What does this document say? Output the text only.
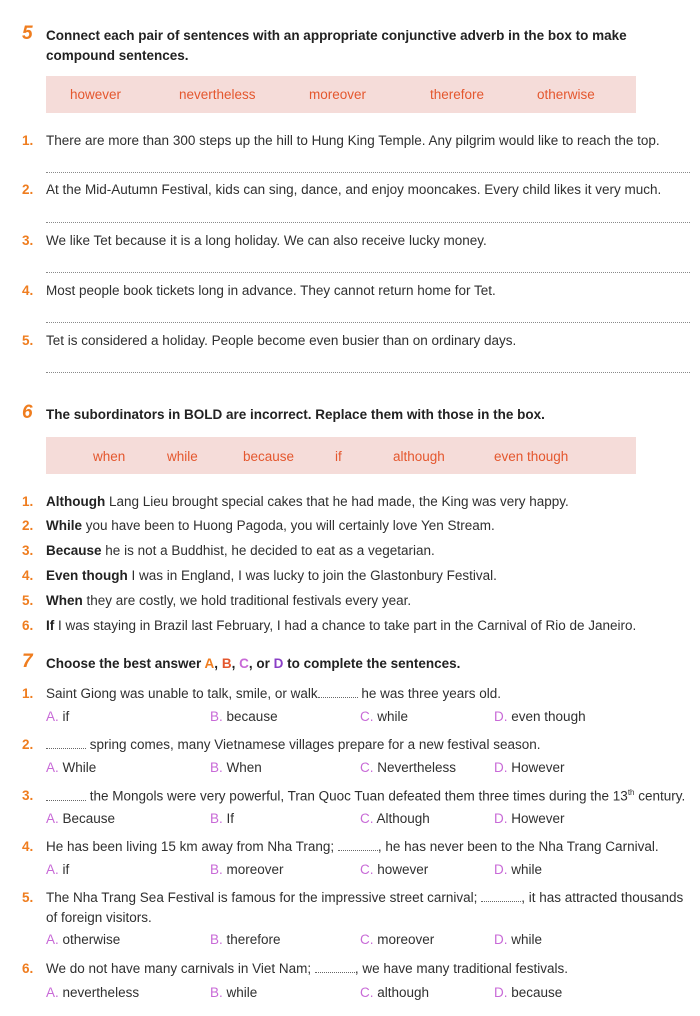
5 Connect each pair of sentences with an appropriate conjunctive adverb in the box to make
compound sentences.
however	nevertheless	moreover	therefore	otherwise
1. There are more than 300 steps up the hill to Hung King Temple. Any pilgrim would like to reach the top.
2. At the Mid-Autumn Festival, kids can sing, dance, and enjoy mooncakes. Every child likes it very much.
3. We like Tet because it is a long holiday. We can also receive lucky money.
4. Most people book tickets long in advance. They cannot return home for Tet.
5. Tet is considered a holiday. People become even busier than on ordinary days.
6 The subordinators in BOLD are incorrect. Replace them with those in the box.
when	while	because	if	although	even though
1. Although Lang Lieu brought special cakes that he had made, the King was very happy.
2. While you have been to Huong Pagoda, you will certainly love Yen Stream.
3. Because he is not a Buddhist, he decided to eat as a vegetarian.
4. Even though I was in England, I was lucky to join the Glastonbury Festival.
5. When they are costly, we hold traditional festivals every year.
6. If I was staying in Brazil last February, I had a chance to take part in the Carnival of Rio de Janeiro.
7 Choose the best answer A, B, C, or D to complete the sentences.
1. Saint Giong was unable to talk, smile, or walk	he was three years old.
A. if	B. because	C. while	D. even though
2.	spring comes, many Vietnamese villages prepare for a new festival season.
A. While	B. When	C. Nevertheless	D. However
3.	the Mongols were very powerful, Tran Quoc Tuan defeated them three times during the 13th century.
A. Because	B. If	C. Although	D. However
4. He has been living 15 km away from Nha Trang;	, he has never been to the Nha Trang Carnival.
A. if	B. moreover	C. however	D. while
5. The Nha Trang Sea Festival is famous for the impressive street carnival;	, it has attracted thousands
of foreign visitors.
A. otherwise	B. therefore	C. moreover	D. while
6. We do not have many carnivals in Viet Nam;	, we have many traditional festivals.
A. nevertheless	B. while	C. although	D. because
